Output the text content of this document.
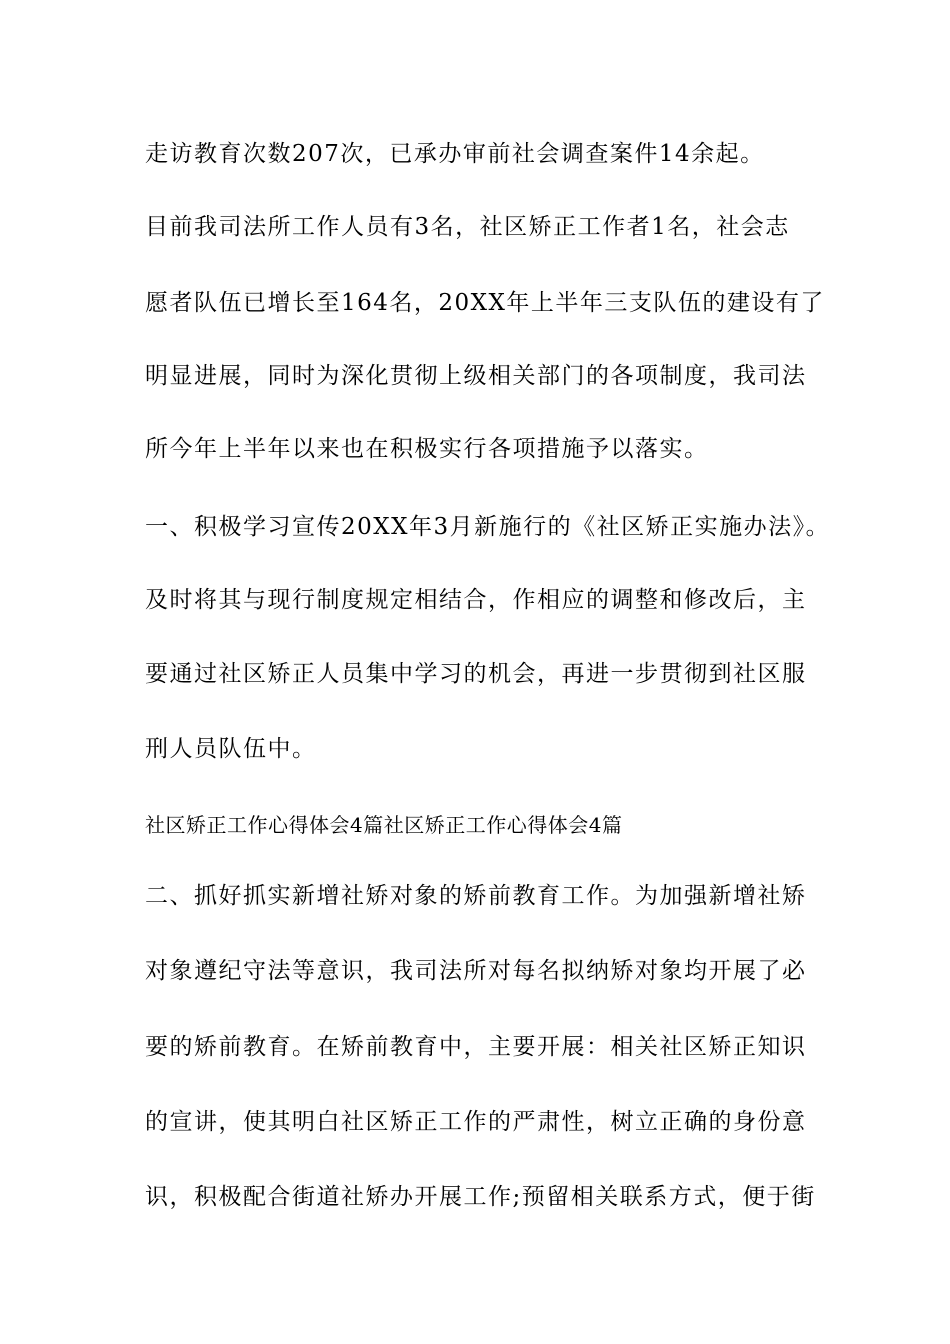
走访教育次数207次，已承办审前社会调查案件14余起。
目前我司法所工作人员有3名，社区矫正工作者1名，社会志
愿者队伍已增长至164名，20XX年上半年三支队伍的建设有了
明显进展，同时为深化贯彻上级相关部门的各项制度，我司法
所今年上半年以来也在积极实行各项措施予以落实。
一、积极学习宣传20XX年3月新施行的《社区矫正实施办法》。
及时将其与现行制度规定相结合，作相应的调整和修改后，主
要通过社区矫正人员集中学习的机会，再进一步贯彻到社区服
刑人员队伍中。
社区矫正工作心得体会4篇社区矫正工作心得体会4篇
二、抓好抓实新增社矫对象的矫前教育工作。为加强新增社矫
对象遵纪守法等意识，我司法所对每名拟纳矫对象均开展了必
要的矫前教育。在矫前教育中，主要开展：相关社区矫正知识
的宣讲，使其明白社区矫正工作的严肃性，树立正确的身份意
识，积极配合街道社矫办开展工作;预留相关联系方式，便于街
